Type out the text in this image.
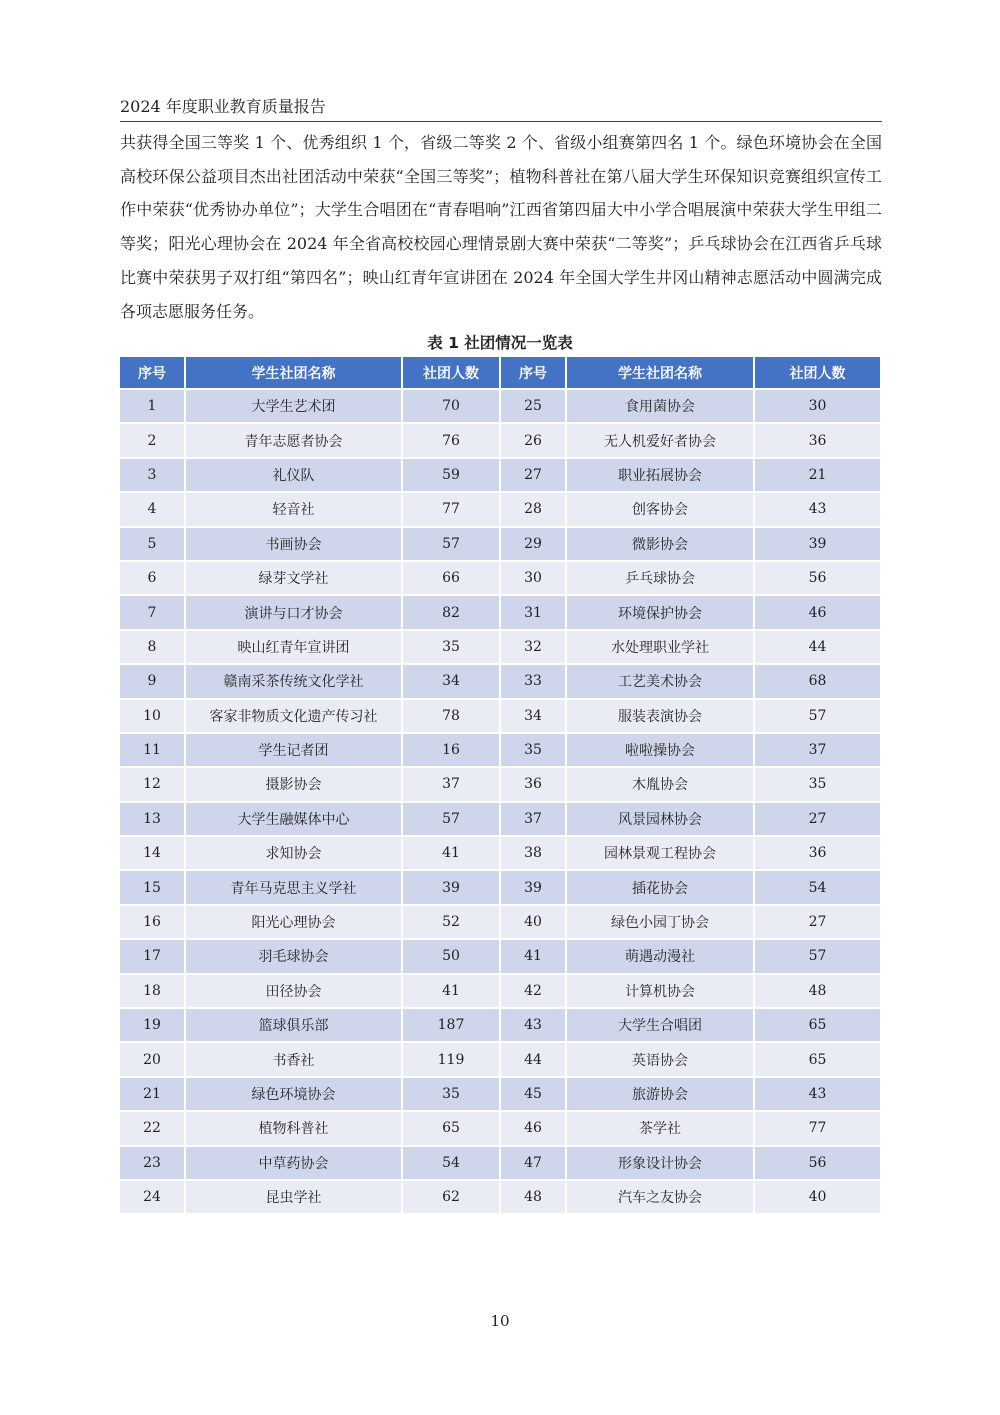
2024 年度职业教育质量报告

共获得全国三等奖 1 个、优秀组织 1 个，省级二等奖 2 个、省级小组赛第四名 1 个。绿色环境协会在全国高校环保公益项目杰出社团活动中荣获“全国三等奖”；植物科普社在第八届大学生环保知识竞赛组织宣传工作中荣获“优秀协办单位”；大学生合唱团在“青春唱响”江西省第四届大中小学合唱展演中荣获大学生甲组二等奖；阳光心理协会在 2024 年全省高校校园心理情景剧大赛中荣获“二等奖”；乒乓球协会在江西省乒乓球比赛中荣获男子双打组“第四名”；映山红青年宣讲团在 2024 年全国大学生井冈山精神志愿活动中圆满完成各项志愿服务任务。

表 1 社团情况一览表
序号	学生社团名称	社团人数	序号	学生社团名称	社团人数
1	大学生艺术团	70	25	食用菌协会	30
2	青年志愿者协会	76	26	无人机爱好者协会	36
3	礼仪队	59	27	职业拓展协会	21
4	轻音社	77	28	创客协会	43
5	书画协会	57	29	微影协会	39
6	绿芽文学社	66	30	乒乓球协会	56
7	演讲与口才协会	82	31	环境保护协会	46
8	映山红青年宣讲团	35	32	水处理职业学社	44
9	赣南采茶传统文化学社	34	33	工艺美术协会	68
10	客家非物质文化遗产传习社	78	34	服装表演协会	57
11	学生记者团	16	35	啦啦操协会	37
12	摄影协会	37	36	木胤协会	35
13	大学生融媒体中心	57	37	风景园林协会	27
14	求知协会	41	38	园林景观工程协会	36
15	青年马克思主义学社	39	39	插花协会	54
16	阳光心理协会	52	40	绿色小园丁协会	27
17	羽毛球协会	50	41	萌遇动漫社	57
18	田径协会	41	42	计算机协会	48
19	篮球俱乐部	187	43	大学生合唱团	65
20	书香社	119	44	英语协会	65
21	绿色环境协会	35	45	旅游协会	43
22	植物科普社	65	46	茶学社	77
23	中草药协会	54	47	形象设计协会	56
24	昆虫学社	62	48	汽车之友协会	40
10
